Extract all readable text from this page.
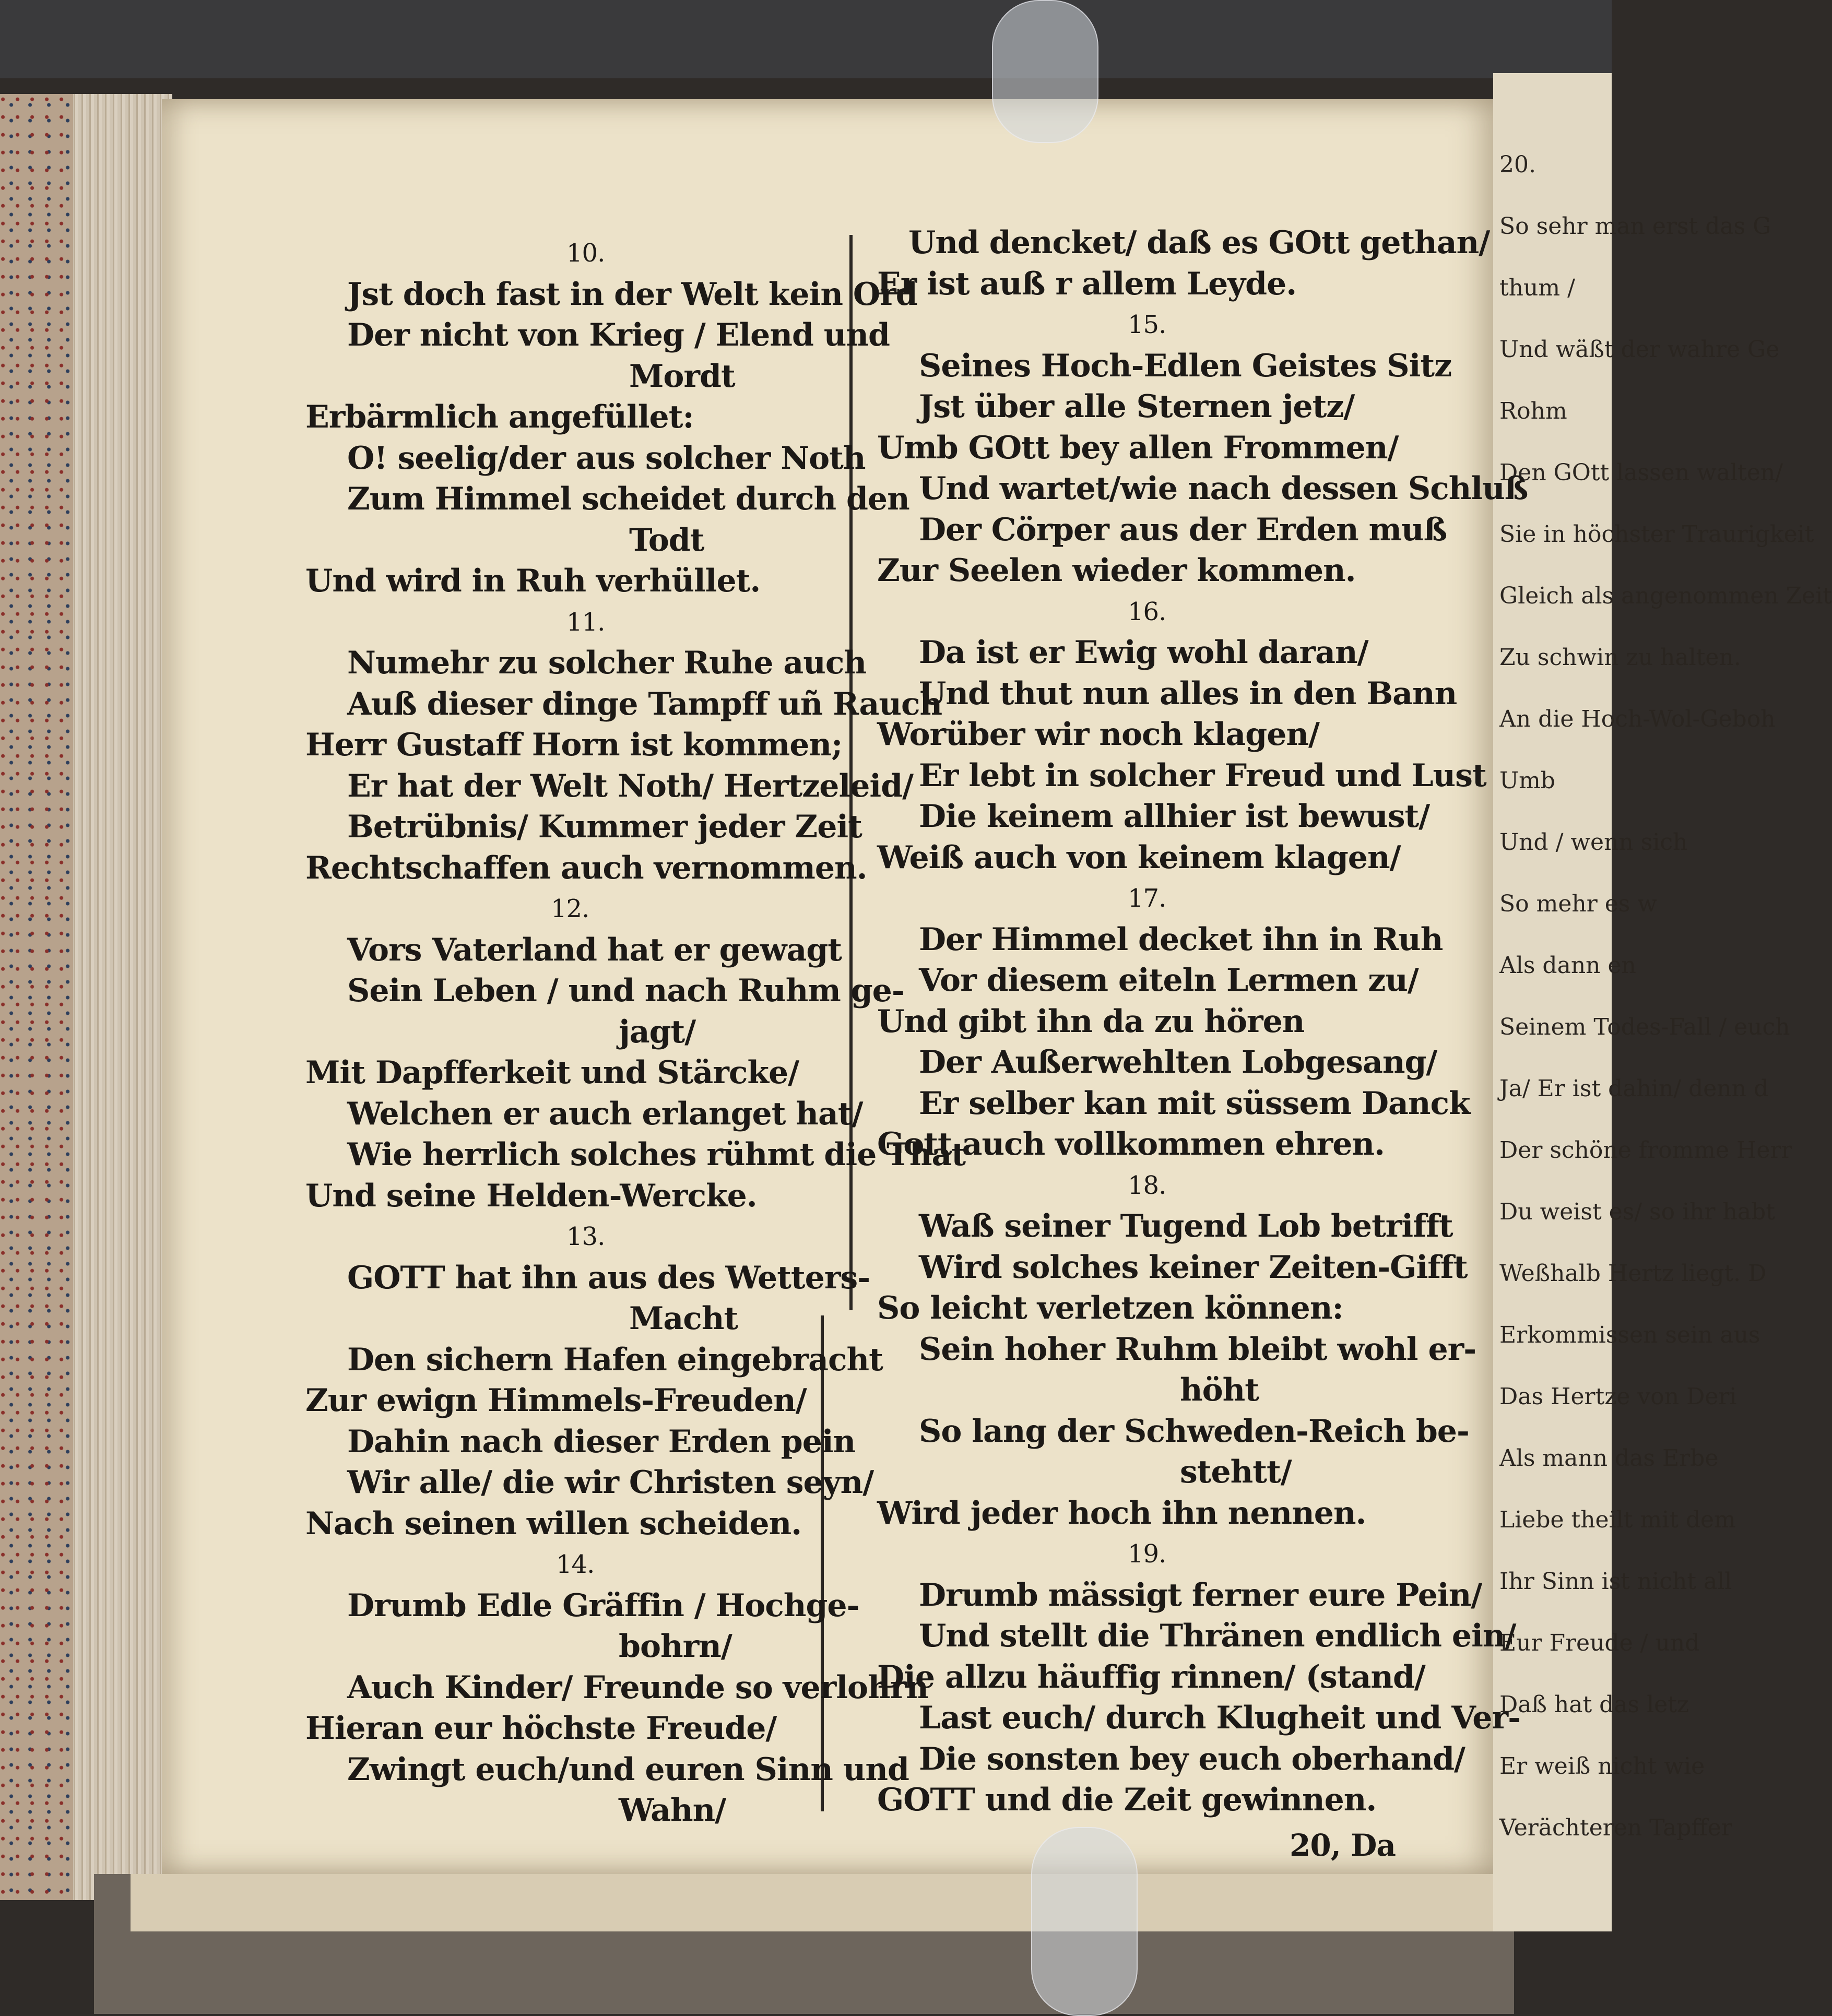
20.
So sehr man erst das G
thum /
Und wäßt der wahre Ge
Rohm
Den GOtt lassen walten/
Sie in höchster Traurigkeit
Gleich als angenommen Zeit
Zu schwin zu halten.
An die Hoch-Wol-Geboh
Umb
Und / wenn sich
So mehr es w
Als dann en
Seinem Todes-Fall / euch
Ja/ Er ist dahin/ denn d
Der schöne fromme Herr
Du weist es/ so ihr habt
Weßhalb Hertz liegt. D
Erkommissen sein aus
Das Hertze von Deri
Als mann das Erbe
Liebe theilt mit dem
Ihr Sinn ist nicht all
Eur Freude / und
Daß hat das letz
Er weiß nicht wie
Verächteren Tapffer
10.
Jst doch fast in der Welt kein Ord
Der nicht von Krieg / Elend und
Mordt
Erbärmlich angefüllet:
O! seelig/der aus solcher Noth
Zum Himmel scheidet durch den
Todt
Und wird in Ruh verhüllet.
11.
Numehr zu solcher Ruhe auch
Auß dieser dinge Tampff uñ Rauch
Herr Gustaff Horn ist kommen;
Er hat der Welt Noth/ Hertzeleid/
Betrübnis/ Kummer jeder Zeit
Rechtschaffen auch vernommen.
12.
Vors Vaterland hat er gewagt
Sein Leben / und nach Ruhm ge-
jagt/
Mit Dapfferkeit und Stärcke/
Welchen er auch erlanget hat/
Wie herrlich solches rühmt die That
Und seine Helden-Wercke.
13.
GOTT hat ihn aus des Wetters-
Macht
Den sichern Hafen eingebracht
Zur ewign Himmels-Freuden/
Dahin nach dieser Erden pein
Wir alle/ die wir Christen seyn/
Nach seinen willen scheiden.
14.
Drumb Edle Gräffin / Hochge-
bohrn/
Auch Kinder/ Freunde so verlohrn
Hieran eur höchste Freude/
Zwingt euch/und euren Sinn und
Wahn/
Und dencket/ daß es GOtt gethan/
Er ist auß r allem Leyde.
15.
Seines Hoch-Edlen Geistes Sitz
Jst über alle Sternen jetz/
Umb GOtt bey allen Frommen/
Und wartet/wie nach dessen Schluß
Der Cörper aus der Erden muß
Zur Seelen wieder kommen.
16.
Da ist er Ewig wohl daran/
Und thut nun alles in den Bann
Worüber wir noch klagen/
Er lebt in solcher Freud und Lust
Die keinem allhier ist bewust/
Weiß auch von keinem klagen/
17.
Der Himmel decket ihn in Ruh
Vor diesem eiteln Lermen zu/
Und gibt ihn da zu hören
Der Außerwehlten Lobgesang/
Er selber kan mit süssem Danck
Gott auch vollkommen ehren.
18.
Waß seiner Tugend Lob betrifft
Wird solches keiner Zeiten-Gifft
So leicht verletzen können:
Sein hoher Ruhm bleibt wohl er-
höht
So lang der Schweden-Reich be-
stehtt/
Wird jeder hoch ihn nennen.
19.
Drumb mässigt ferner eure Pein/
Und stellt die Thränen endlich ein/
Die allzu häuffig rinnen/ (stand/
Last euch/ durch Klugheit und Ver-
Die sonsten bey euch oberhand/
GOTT und die Zeit gewinnen.
20, Da
